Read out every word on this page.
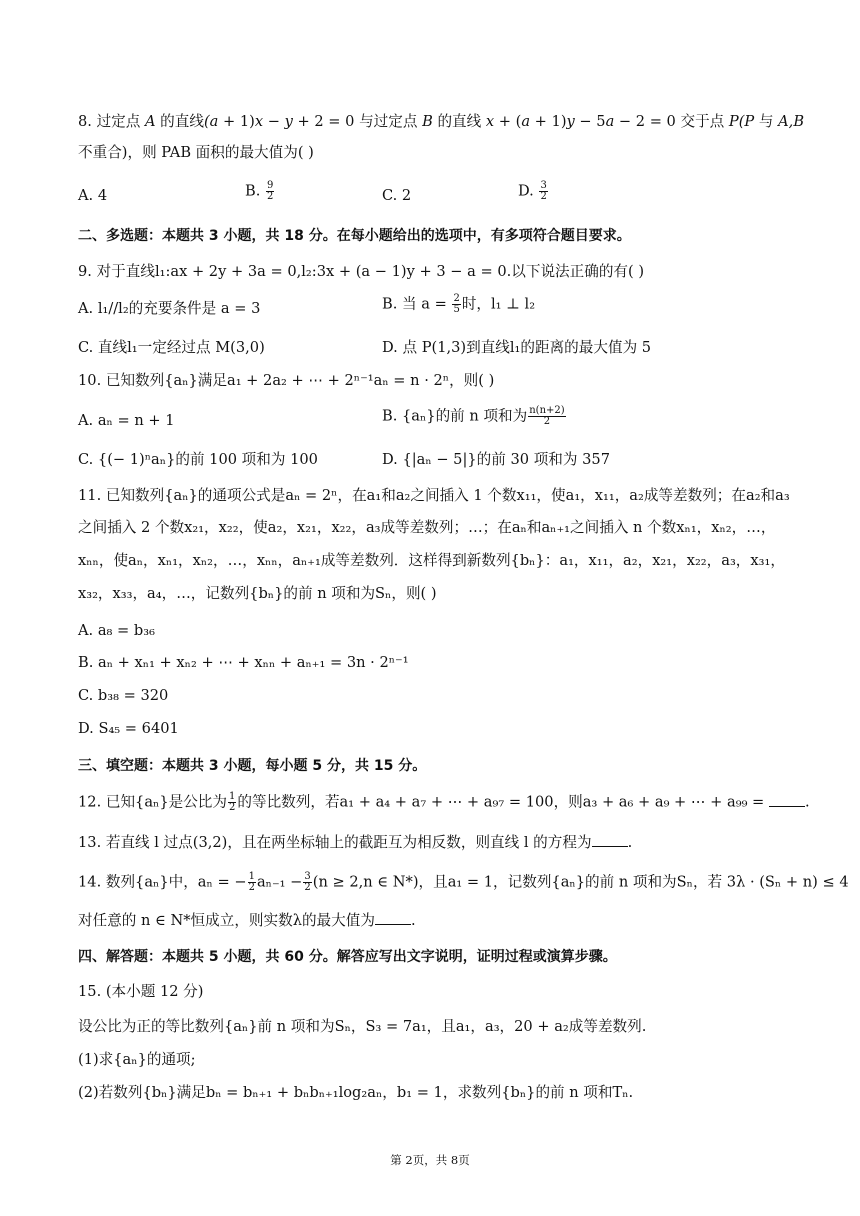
8. 过定点 A 的直线(a + 1)x − y + 2 = 0 与过定点 B 的直线 x + (a + 1)y − 5a − 2 = 0 交于点 P(P 与 A,B
不重合)，则 PAB 面积的最大值为( )
A. 4	B. $\frac{9}{2}$	C. 2	D. $\frac{3}{2}$
二、多选题：本题共 3 小题，共 18 分。在每小题给出的选项中，有多项符合题目要求。
9. 对于直线l₁:ax + 2y + 3a = 0,l₂:3x + (a − 1)y + 3 − a = 0.以下说法正确的有( )
A. l₁//l₂的充要条件是 a = 3	B. 当 $a = \frac{2}{5}$ 时，l₁ ⊥ l₂
C. 直线l₁一定经过点 M(3,0)	D. 点 P(1,3)到直线l₁的距离的最大值为 5
10. 已知数列{aₙ}满足a₁ + 2a₂ + ⋯ + 2ⁿ⁻¹aₙ = n · 2ⁿ，则( )
A. aₙ = n + 1	B. {aₙ}的前 n 项和为 $\frac{n(n+2)}{2}$
C. {(− 1)ⁿaₙ}的前 100 项和为 100	D. {|aₙ − 5|}的前 30 项和为 357
11. 已知数列{aₙ}的通项公式是aₙ = 2ⁿ，在a₁和a₂之间插入 1 个数x₁₁，使a₁，x₁₁，a₂成等差数列；在a₂和a₃
之间插入 2 个数x₂₁，x₂₂，使a₂，x₂₁，x₂₂，a₃成等差数列；…；在aₙ和aₙ₊₁之间插入 n 个数xₙ₁，xₙ₂，…，
xₙₙ，使aₙ，xₙ₁，xₙ₂，…，xₙₙ，aₙ₊₁成等差数列．这样得到新数列{bₙ}：a₁，x₁₁，a₂，x₂₁，x₂₂，a₃，x₃₁，
x₃₂，x₃₃，a₄，…，记数列{bₙ}的前 n 项和为Sₙ，则( )
A. a₈ = b₃₆
B. aₙ + xₙ₁ + xₙ₂ + ⋯ + xₙₙ + aₙ₊₁ = 3n · 2ⁿ⁻¹
C. b₃₈ = 320
D. S₄₅ = 6401
三、填空题：本题共 3 小题，每小题 5 分，共 15 分。
12. 已知{aₙ}是公比为 $\frac{1}{2}$ 的等比数列，若a₁ + a₄ + a₇ + ⋯ + a₉₇ = 100，则a₃ + a₆ + a₉ + ⋯ + a₉₉ = .
13. 若直线 l 过点(3,2)，且在两坐标轴上的截距互为相反数，则直线 l 的方程为 .
14. 数列{aₙ}中，aₙ = − $\frac{1}{2} a_{n-1} - \frac{3}{2} (n \ge 2,n$ ∈ N*)，且a₁ = 1，记数列{aₙ}的前 n 项和为Sₙ，若 3λ · (Sₙ + n) ≤ 4
对任意的 n ∈ N*恒成立，则实数λ的最大值为 .
四、解答题：本题共 5 小题，共 60 分。解答应写出文字说明，证明过程或演算步骤。
15. (本小题 12 分)
设公比为正的等比数列{aₙ}前 n 项和为Sₙ，S₃ = 7a₁，且a₁，a₃，20 + a₂成等差数列.
(1)求{aₙ}的通项;
(2)若数列{bₙ}满足bₙ = bₙ₊₁ + bₙbₙ₊₁log₂aₙ，b₁ = 1，求数列{bₙ}的前 n 项和Tₙ.
第 2页，共 8页
